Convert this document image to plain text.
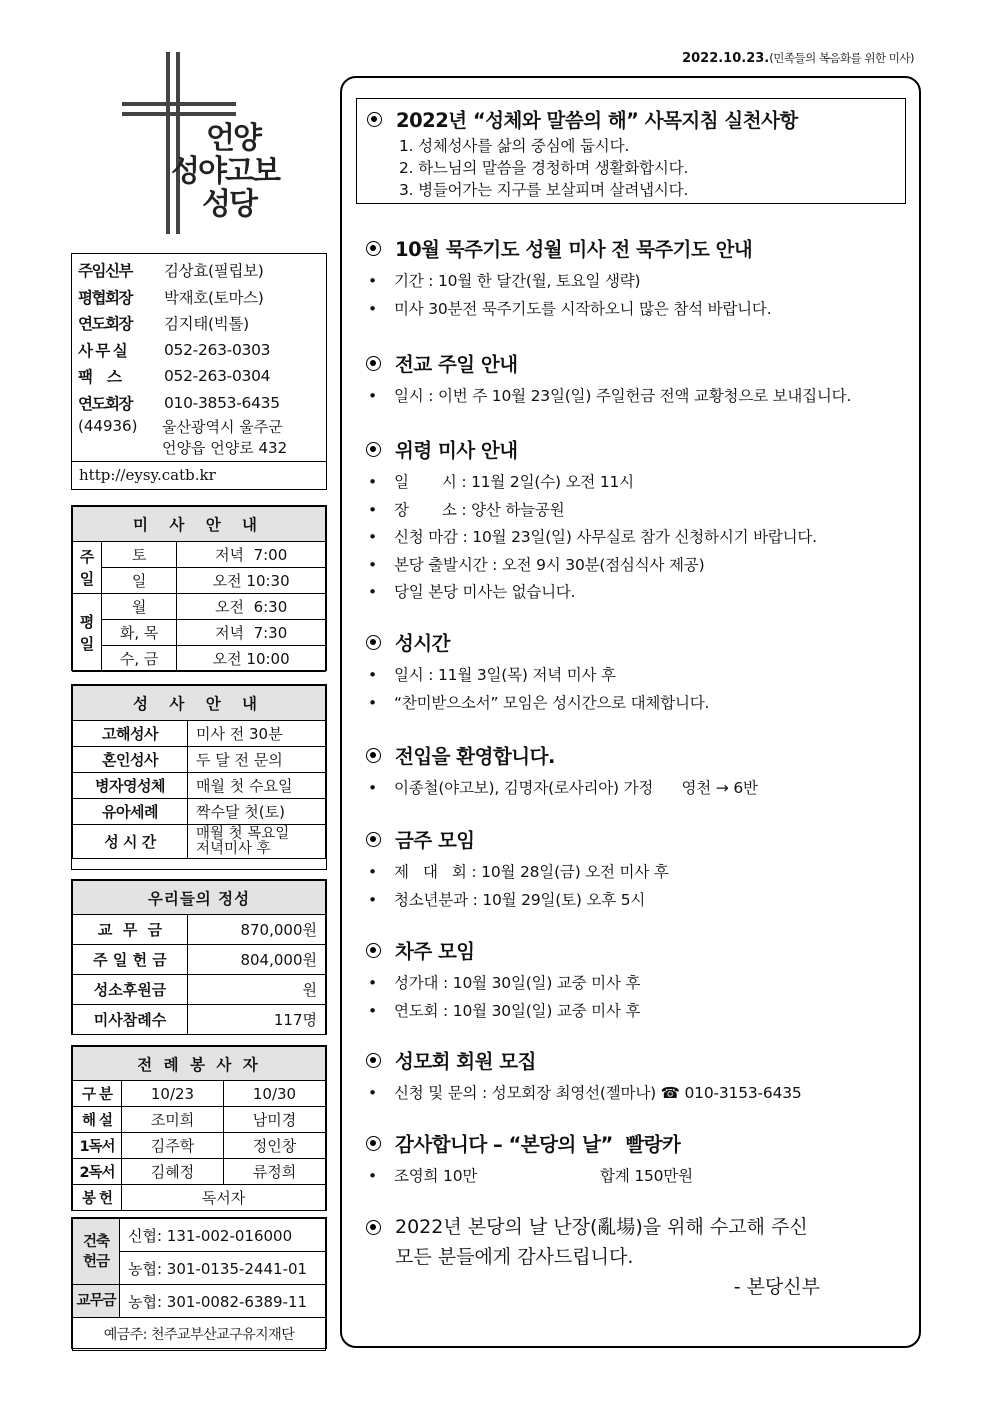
2022.10.23.(민족들의 복음화를 위한 미사)
언양
성야고보
성당
주임신부	김상효(필립보)
평협회장	박재호(토마스)
연도회장	김지태(빅톨)
사 무 실	052-263-0303
팩    스	052-263-0304
연도회장	010-3853-6435
(44936)	울산광역시 울주군
언양읍 언양로 432
http://eysy.catb.kr
미 사 안 내		
주일	토	저녁  7:00
	일	오전 10:30
평일	월	오전  6:30
	화, 목	저녁  7:30
	수, 금	오전 10:00
성 사 안 내	
고해성사	미사 전 30분
혼인성사	두 달 전 문의
병자영성체	매월 첫 수요일
유아세례	짝수달 첫(토)
성 시 간	매월 첫 목요일
저녁미사 후
우리들의 정성	
교  무  금	870,000원
주 일 헌 금	804,000원
성소후원금	원
미사참례수	117명
전 례 봉 사 자		
구 분	10/23	10/30
해 설	조미희	남미경
1독서	김주학	정인창
2독서	김혜정	류정희
봉 헌	독서자	
건축
헌금	신협: 131-002-016000
	농협: 301-0135-2441-01
교무금	농협: 301-0082-6389-11
예금주: 천주교부산교구유지재단	
2022년 “성체와 말씀의 해” 사목지침 실천사항
1. 성체성사를 삶의 중심에 둡시다.
2. 하느님의 말씀을 경청하며 생활화합시다.
3. 병들어가는 지구를 보살피며 살려냅시다.
10월 묵주기도 성월 미사 전 묵주기도 안내
•	기간 : 10월 한 달간(월, 토요일 생략)
•	미사 30분전 묵주기도를 시작하오니 많은 참석 바랍니다.
전교 주일 안내
•	일시 : 이번 주 10월 23일(일) 주일헌금 전액 교황청으로 보내집니다.
위령 미사 안내
•	일       시 : 11월 2일(수) 오전 11시
•	장       소 : 양산 하늘공원
•	신청 마감 : 10월 23일(일) 사무실로 참가 신청하시기 바랍니다.
•	본당 출발시간 : 오전 9시 30분(점심식사 제공)
•	당일 본당 미사는 없습니다.
성시간
•	일시 : 11월 3일(목) 저녁 미사 후
•	“찬미받으소서” 모임은 성시간으로 대체합니다.
전입을 환영합니다.
•	이종철(야고보), 김명자(로사리아) 가정      영천 → 6반
금주 모임
•	제   대   회 : 10월 28일(금) 오전 미사 후
•	청소년분과 : 10월 29일(토) 오후 5시
차주 모임
•	성가대 : 10월 30일(일) 교중 미사 후
•	연도회 : 10월 30일(일) 교중 미사 후
성모회 회원 모집
•	신청 및 문의 : 성모회장 최영선(젤마나) ☎ 010-3153-6435
감사합니다 – “본당의 날”  빨랑카
•	조영희 10만                          합계 150만원
2022년 본당의 날 난장(亂場)을 위해 수고해 주신
모든 분들에게 감사드립니다.
- 본당신부
